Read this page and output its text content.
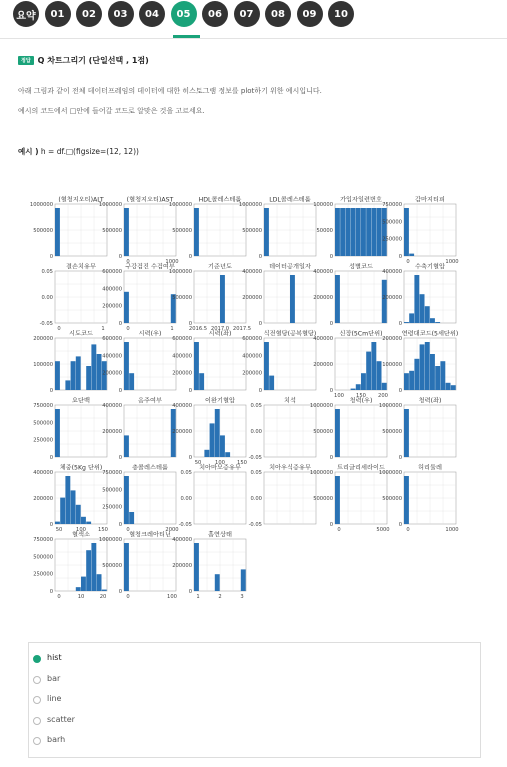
요약	01	02	03	04	05	06	07	08	09	10
정답 Q 차트그리기 (단일선택 , 1점)
아래 그림과 같이 전체 데이터프레임의 데이터에 대한 히스토그램 정보를 plot하기 위한 예시입니다.
예시의 코드에서 □안에 들어갈 코드로 알맞은 것을 고르세요.
예시 ) h = df.□(figsize=(12, 12))
(혈청지오티)ALT
1000000
500000
0
(혈청지오티)AST
1000000
500000
0
0	1000
HDL콜레스테롤
1000000
500000
0
LDL콜레스테롤
1000000
500000
0
가입자일련번호
100000
50000
0
감마지티피
750000
500000
250000
0
0	1000
결손치유무
0.05
0.00
-0.05
0	1
구강검진 수검여부
600000
400000
200000
0
0	1
기준년도
1000000
500000
0
2016.5 2017.0 2017.5
데이터공개일자
400000
200000
0
성별코드
400000
200000
0
수축기혈압
400000
200000
0
시도코드
200000
100000
0
시력(우)
600000
400000
200000
0
시력(좌)
600000
400000
200000
0
식전혈당(공복혈당)
600000
400000
200000
0
신장(5Cm단위)
400000
200000
0
100 150 200
연령대코드(5세단위)
200000
100000
0
요단백
750000
500000
250000
0
음주여부
400000
200000
0
이완기혈압
400000
200000
0
50	100 150
치석
0.05
0.00
-0.05
청력(우)
1000000
500000
0
청력(좌)
1000000
500000
0
체중(5Kg 단위)
400000
200000
0
50	100 150
총콜레스테롤
750000
500000
250000
0
0	2000
치아마모증유무
0.05
0.00
-0.05
치아우식증유무
0.05
0.00
-0.05
트리글리세라이드
1000000
500000
0
0	5000
허리둘레
1000000
500000
0
0	1000
혈색소
750000
500000
250000
0
0	10	20
혈청크레아티닌
1000000
500000
0
0	100
흡연상태
400000
200000
0
1	2	3
hist
bar
line
scatter
barh
